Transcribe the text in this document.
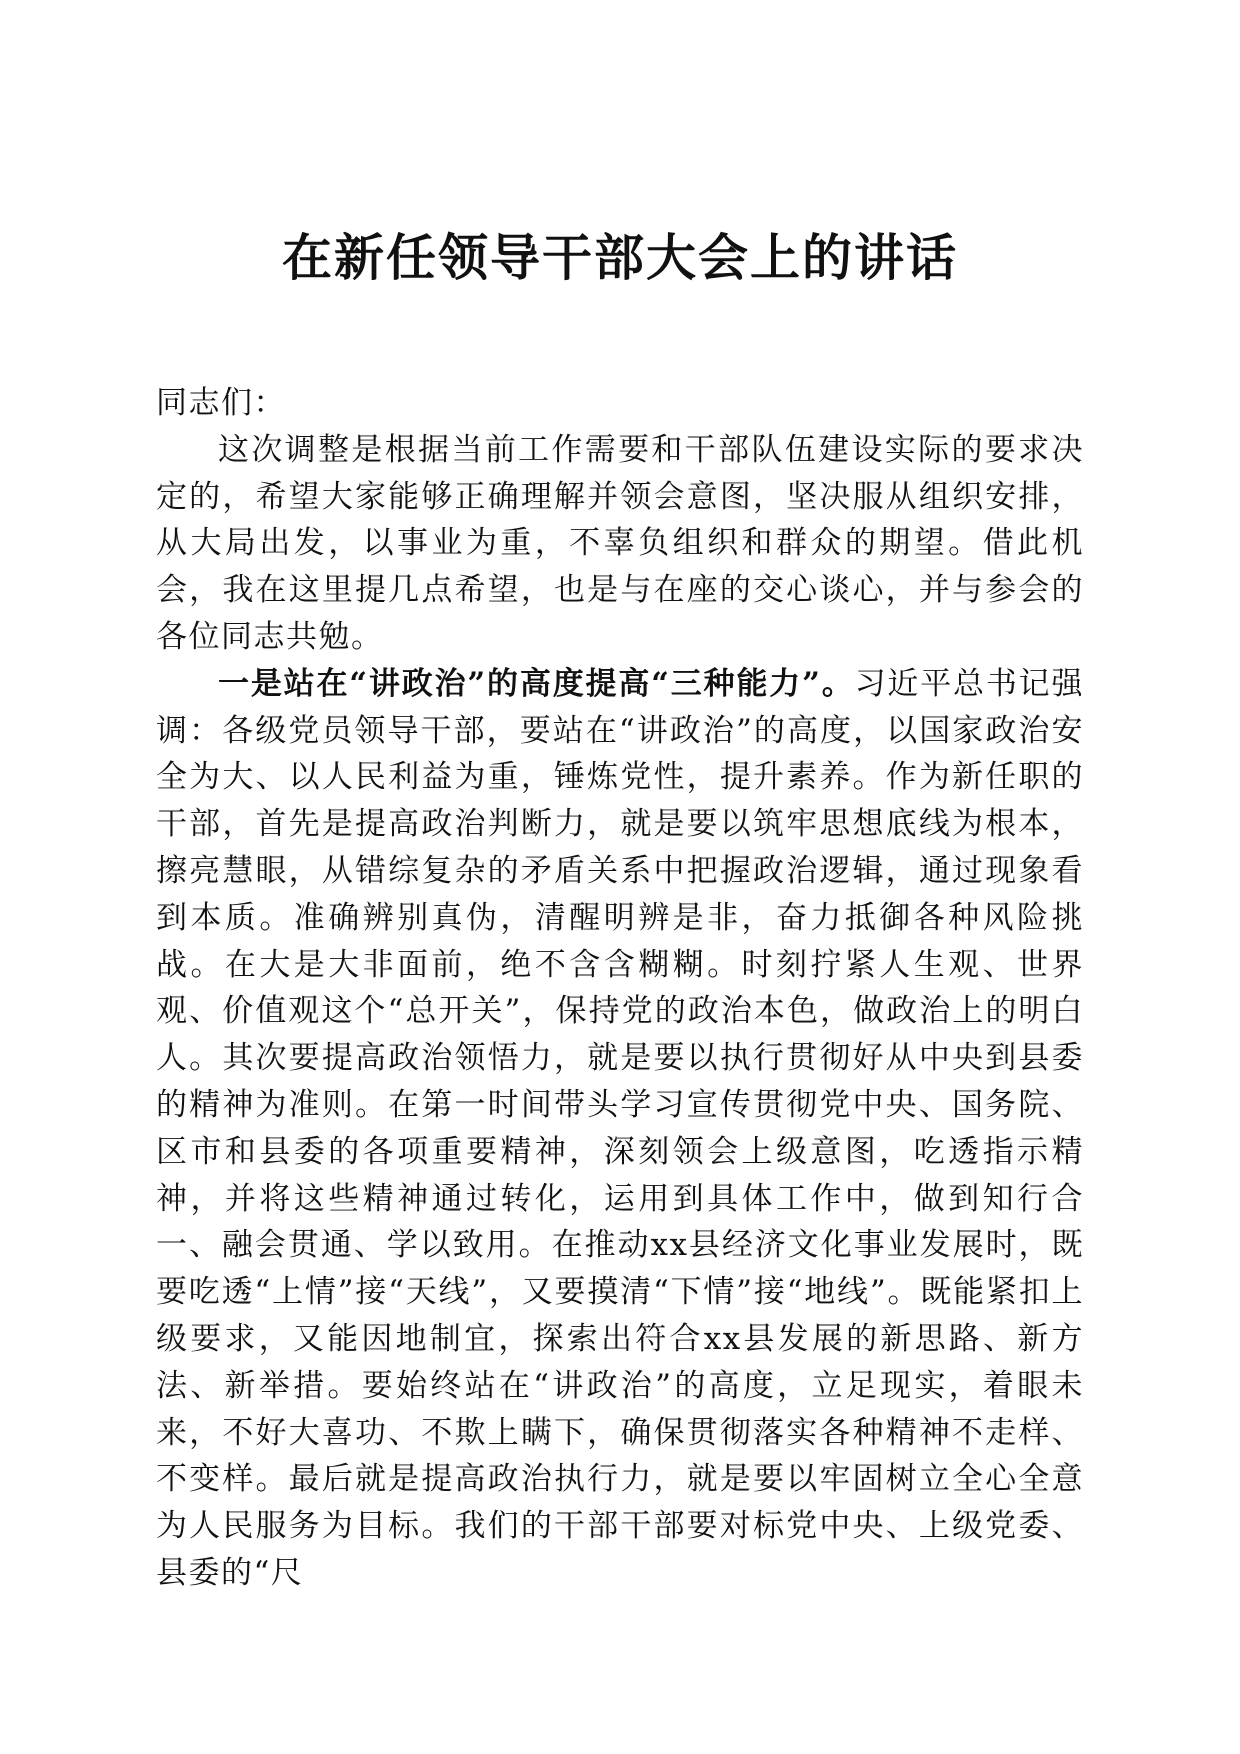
在新任领导干部大会上的讲话

同志们：

这次调整是根据当前工作需要和干部队伍建设实际的要求决定的，希望大家能够正确理解并领会意图，坚决服从组织安排，从大局出发，以事业为重，不辜负组织和群众的期望。借此机会，我在这里提几点希望，也是与在座的交心谈心，并与参会的各位同志共勉。

一是站在“讲政治”的高度提高“三种能力”。习近平总书记强调：各级党员领导干部，要站在“讲政治”的高度，以国家政治安全为大、以人民利益为重，锤炼党性，提升素养。作为新任职的干部，首先是提高政治判断力，就是要以筑牢思想底线为根本，擦亮慧眼，从错综复杂的矛盾关系中把握政治逻辑，通过现象看到本质。准确辨别真伪，清醒明辨是非，奋力抵御各种风险挑战。在大是大非面前，绝不含含糊糊。时刻拧紧人生观、世界观、价值观这个“总开关”，保持党的政治本色，做政治上的明白人。其次要提高政治领悟力，就是要以执行贯彻好从中央到县委的精神为准则。在第一时间带头学习宣传贯彻党中央、国务院、区市和县委的各项重要精神，深刻领会上级意图，吃透指示精神，并将这些精神通过转化，运用到具体工作中，做到知行合一、融会贯通、学以致用。在推动xx县经济文化事业发展时，既要吃透“上情”接“天线”，又要摸清“下情”接“地线”。既能紧扣上级要求，又能因地制宜，探索出符合xx县发展的新思路、新方法、新举措。要始终站在“讲政治”的高度，立足现实，着眼未来，不好大喜功、不欺上瞒下，确保贯彻落实各种精神不走样、不变样。最后就是提高政治执行力，就是要以牢固树立全心全意为人民服务为目标。我们的干部干部要对标党中央、上级党委、县委的“尺
